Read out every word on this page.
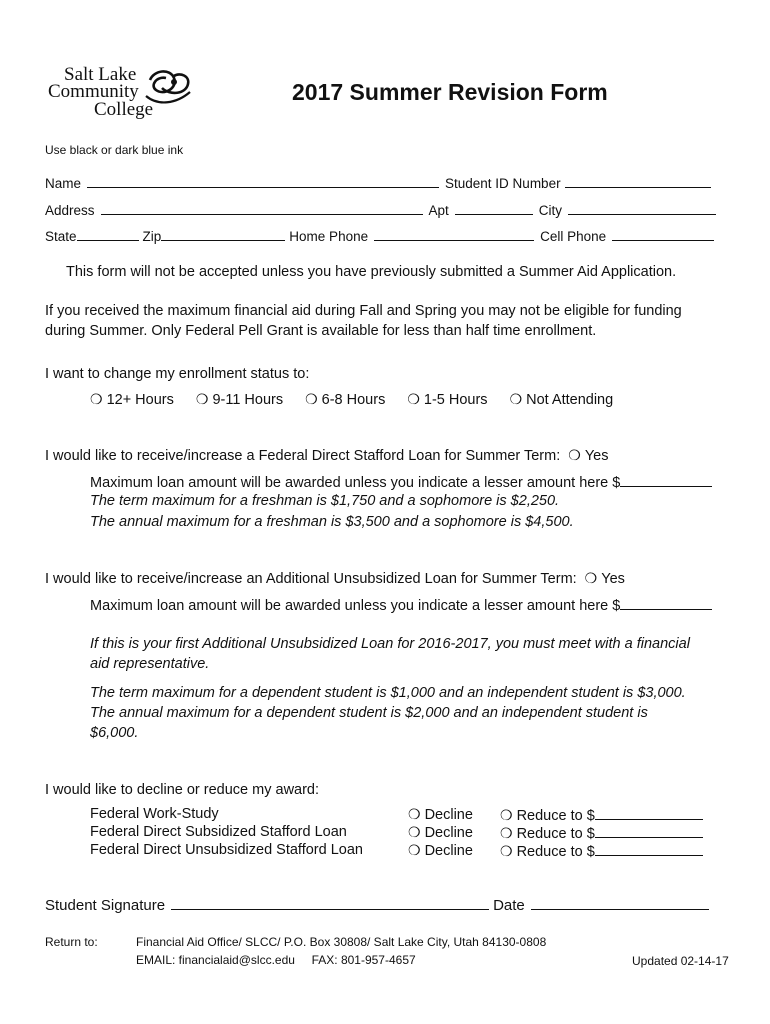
Salt Lake
Community
College
2017 Summer Revision Form
Use black or dark blue ink
Name	Student ID Number
Address	Apt	City
State	Zip	Home Phone	Cell Phone
This form will not be accepted unless you have previously submitted a Summer Aid Application.
If you received the maximum financial aid during Fall and Spring you may not be eligible for funding
during Summer. Only Federal Pell Grant is available for less than half time enrollment.
I want to change my enrollment status to:
❍ 12+ Hours ❍ 9-11 Hours ❍ 6-8 Hours ❍ 1-5 Hours ❍ Not Attending
I would like to receive/increase a Federal Direct Stafford Loan for Summer Term: ❍ Yes
Maximum loan amount will be awarded unless you indicate a lesser amount here $
The term maximum for a freshman is $1,750 and a sophomore is $2,250.
The annual maximum for a freshman is $3,500 and a sophomore is $4,500.
I would like to receive/increase an Additional Unsubsidized Loan for Summer Term: ❍ Yes
Maximum loan amount will be awarded unless you indicate a lesser amount here $
If this is your first Additional Unsubsidized Loan for 2016-2017, you must meet with a financial
aid representative.
The term maximum for a dependent student is $1,000 and an independent student is $3,000.
The annual maximum for a dependent student is $2,000 and an independent student is
$6,000.
I would like to decline or reduce my award:
Federal Work-Study	❍ Decline ❍ Reduce to $
Federal Direct Subsidized Stafford Loan	❍ Decline ❍ Reduce to $
Federal Direct Unsubsidized Stafford Loan	❍ Decline ❍ Reduce to $
Student Signature	Date
Return to:	Financial Aid Office/ SLCC/ P.O. Box 30808/ Salt Lake City, Utah 84130-0808
EMAIL: financialaid@slcc.edu     FAX: 801-957-4657	Updated 02-14-17
